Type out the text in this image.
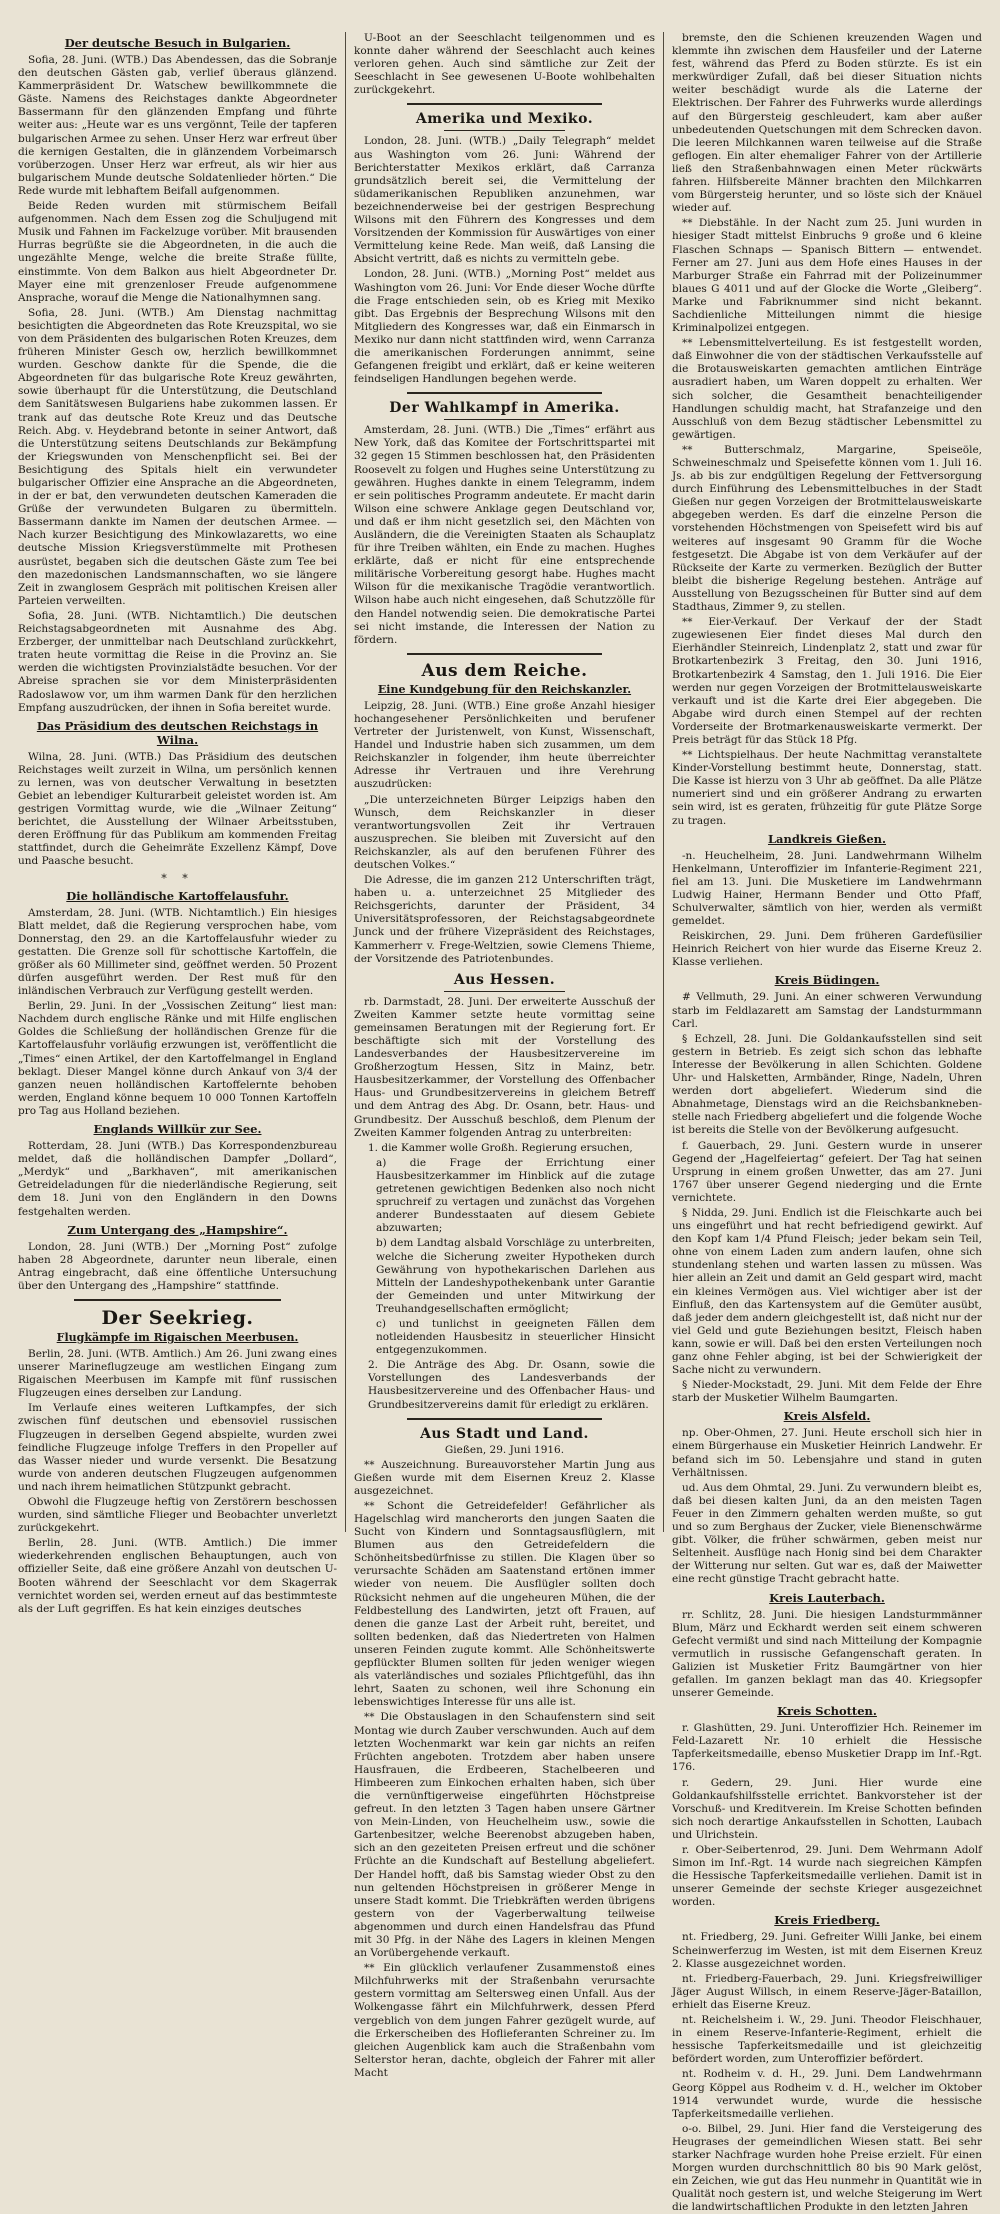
Der deutsche Besuch in Bulgarien.

Sofia, 28. Juni. (WTB.) Das Abendessen, das die Sobranje den deutschen Gästen gab, verlief überaus glänzend. Kammerpräsident Dr. Watschew bewillkommnete die Gäste. Namens des Reichstages dankte Abgeordneter Bassermann für den glänzenden Empfang und führte weiter aus: „Heute war es uns vergönnt, Teile der tapferen bulgarischen Armee zu sehen. Unser Herz war erfreut über die kernigen Gestalten, die in glänzendem Vorbeimarsch vorüberzogen. Unser Herz war erfreut, als wir hier aus bulgarischem Munde deutsche Soldatenlieder hörten.“ Die Rede wurde mit lebhaftem Beifall aufgenommen.

Beide Reden wurden mit stürmischem Beifall aufgenommen. Nach dem Essen zog die Schuljugend mit Musik und Fahnen im Fackelzuge vorüber. Mit brausenden Hurras begrüßte sie die Abgeordneten, in die auch die ungezählte Menge, welche die breite Straße füllte, einstimmte. Von dem Balkon aus hielt Abgeordneter Dr. Mayer eine mit grenzenloser Freude aufgenommene Ansprache, worauf die Menge die Nationalhymnen sang.

Sofia, 28. Juni. (WTB.) Am Dienstag nachmittag besichtigten die Abgeordneten das Rote Kreuzspital, wo sie von dem Präsidenten des bulgarischen Roten Kreuzes, dem früheren Minister Gesch ow, herzlich bewillkommnet wurden. Geschow dankte für die Spende, die die Abgeordneten für das bulgarische Rote Kreuz gewährten, sowie überhaupt für die Unterstützung, die Deutschland dem Sanitätswesen Bulgariens habe zukommen lassen. Er trank auf das deutsche Rote Kreuz und das Deutsche Reich. Abg. v. Heydebrand betonte in seiner Antwort, daß die Unterstützung seitens Deutschlands zur Bekämpfung der Kriegswunden von Menschenpflicht sei. Bei der Besichtigung des Spitals hielt ein verwundeter bulgarischer Offizier eine Ansprache an die Abgeordneten, in der er bat, den verwundeten deutschen Kameraden die Grüße der verwundeten Bulgaren zu übermitteln. Bassermann dankte im Namen der deutschen Armee. — Nach kurzer Besichtigung des Minkowlazaretts, wo eine deutsche Mission Kriegsverstümmelte mit Prothesen ausrüstet, begaben sich die deutschen Gäste zum Tee bei den mazedonischen Landsmannschaften, wo sie längere Zeit in zwanglosem Gespräch mit politischen Kreisen aller Parteien verweilten.

Sofia, 28. Juni. (WTB. Nichtamtlich.) Die deutschen Reichstagsabgeordneten mit Ausnahme des Abg. Erzberger, der unmittelbar nach Deutschland zurückkehrt, traten heute vormittag die Reise in die Provinz an. Sie werden die wichtigsten Provinzialstädte besuchen. Vor der Abreise sprachen sie vor dem Ministerpräsidenten Radoslawow vor, um ihm warmen Dank für den herzlichen Empfang auszudrücken, der ihnen in Sofia bereitet wurde.

Das Präsidium des deutschen Reichstags in Wilna.

Wilna, 28. Juni. (WTB.) Das Präsidium des deutschen Reichstages weilt zurzeit in Wilna, um persönlich kennen zu lernen, was von deutscher Verwaltung in besetzten Gebiet an lebendiger Kulturarbeit geleistet worden ist. Am gestrigen Vormittag wurde, wie die „Wilnaer Zeitung“ berichtet, die Ausstellung der Wilnaer Arbeitsstuben, deren Eröffnung für das Publikum am kommenden Freitag stattfindet, durch die Geheimräte Exzellenz Kämpf, Dove und Paasche besucht.

* *
Die holländische Kartoffelausfuhr.

Amsterdam, 28. Juni. (WTB. Nichtamtlich.) Ein hiesiges Blatt meldet, daß die Regierung versprochen habe, vom Donnerstag, den 29. an die Kartoffelausfuhr wieder zu gestatten. Die Grenze soll für schottische Kartoffeln, die größer als 60 Millimeter sind, geöffnet werden. 50 Prozent dürfen ausgeführt werden. Der Rest muß für den inländischen Verbrauch zur Verfügung gestellt werden.

Berlin, 29. Juni. In der „Vossischen Zeitung“ liest man: Nachdem durch englische Ränke und mit Hilfe englischen Goldes die Schließung der holländischen Grenze für die Kartoffelausfuhr vorläufig erzwungen ist, veröffentlicht die „Times“ einen Artikel, der den Kartoffelmangel in England beklagt. Dieser Mangel könne durch Ankauf von 3/4 der ganzen neuen holländischen Kartoffelernte behoben werden, England könne bequem 10 000 Tonnen Kartoffeln pro Tag aus Holland beziehen.

Englands Willkür zur See.

Rotterdam, 28. Juni (WTB.) Das Korrespondenzbureau meldet, daß die holländischen Dampfer „Dollard“, „Merdyk“ und „Barkhaven“, mit amerikanischen Getreideladungen für die niederländische Regierung, seit dem 18. Juni von den Engländern in den Downs festgehalten werden.

Zum Untergang des „Hampshire“.

London, 28. Juni (WTB.) Der „Morning Post“ zufolge haben 28 Abgeordnete, darunter neun liberale, einen Antrag eingebracht, daß eine öffentliche Untersuchung über den Untergang des „Hampshire“ stattfinde.

Der Seekrieg.
Flugkämpfe im Rigaischen Meerbusen.

Berlin, 28. Juni. (WTB. Amtlich.) Am 26. Juni zwang eines unserer Marineflugzeuge am westlichen Eingang zum Rigaischen Meerbusen im Kampfe mit fünf russischen Flugzeugen eines derselben zur Landung.

Im Verlaufe eines weiteren Luftkampfes, der sich zwischen fünf deutschen und ebensoviel russischen Flugzeugen in derselben Gegend abspielte, wurden zwei feindliche Flugzeuge infolge Treffers in den Propeller auf das Wasser nieder und wurde versenkt. Die Besatzung wurde von anderen deutschen Flugzeugen aufgenommen und nach ihrem heimatlichen Stützpunkt gebracht.

Obwohl die Flugzeuge heftig von Zerstörern beschossen wurden, sind sämtliche Flieger und Beobachter unverletzt zurückgekehrt.

Berlin, 28. Juni. (WTB. Amtlich.) Die immer wiederkehrenden englischen Behauptungen, auch von offizieller Seite, daß eine größere Anzahl von deutschen U-Booten während der Seeschlacht vor dem Skagerrak vernichtet worden sei, werden erneut auf das bestimmteste als der Luft gegriffen. Es hat kein einziges deutsches

U-Boot an der Seeschlacht teilgenommen und es konnte daher während der Seeschlacht auch keines verloren gehen. Auch sind sämtliche zur Zeit der Seeschlacht in See gewesenen U-Boote wohlbehalten zurückgekehrt.

Amerika und Mexiko.

London, 28. Juni. (WTB.) „Daily Telegraph“ meldet aus Washington vom 26. Juni: Während der Berichterstatter Mexikos erklärt, daß Carranza grundsätzlich bereit sei, die Vermittelung der südamerikanischen Republiken anzunehmen, war bezeichnenderweise bei der gestrigen Besprechung Wilsons mit den Führern des Kongresses und dem Vorsitzenden der Kommission für Auswärtiges von einer Vermittelung keine Rede. Man weiß, daß Lansing die Absicht vertritt, daß es nichts zu vermitteln gebe.

London, 28. Juni. (WTB.) „Morning Post“ meldet aus Washington vom 26. Juni: Vor Ende dieser Woche dürfte die Frage entschieden sein, ob es Krieg mit Mexiko gibt. Das Ergebnis der Besprechung Wilsons mit den Mitgliedern des Kongresses war, daß ein Einmarsch in Mexiko nur dann nicht stattfinden wird, wenn Carranza die amerikanischen Forderungen annimmt, seine Gefangenen freigibt und erklärt, daß er keine weiteren feindseligen Handlungen begehen werde.

Der Wahlkampf in Amerika.

Amsterdam, 28. Juni. (WTB.) Die „Times“ erfährt aus New York, daß das Komitee der Fortschrittspartei mit 32 gegen 15 Stimmen beschlossen hat, den Präsidenten Roosevelt zu folgen und Hughes seine Unterstützung zu gewähren. Hughes dankte in einem Telegramm, indem er sein politisches Programm andeutete. Er macht darin Wilson eine schwere Anklage gegen Deutschland vor, und daß er ihm nicht gesetzlich sei, den Mächten von Ausländern, die die Vereinigten Staaten als Schauplatz für ihre Treiben wählten, ein Ende zu machen. Hughes erklärte, daß er nicht für eine entsprechende militärische Vorbereitung gesorgt habe. Hughes macht Wilson für die mexikanische Tragödie verantwortlich. Wilson habe auch nicht eingesehen, daß Schutzzölle für den Handel notwendig seien. Die demokratische Partei sei nicht imstande, die Interessen der Nation zu fördern.

Aus dem Reiche.
Eine Kundgebung für den Reichskanzler.

Leipzig, 28. Juni. (WTB.) Eine große Anzahl hiesiger hochangesehener Persönlichkeiten und berufener Vertreter der Juristenwelt, von Kunst, Wissenschaft, Handel und Industrie haben sich zusammen, um dem Reichskanzler in folgender, ihm heute überreichter Adresse ihr Vertrauen und ihre Verehrung auszudrücken:

„Die unterzeichneten Bürger Leipzigs haben den Wunsch, dem Reichskanzler in dieser verantwortungsvollen Zeit ihr Vertrauen auszusprechen. Sie bleiben mit Zuversicht auf den Reichskanzler, als auf den berufenen Führer des deutschen Volkes.“

Die Adresse, die im ganzen 212 Unterschriften trägt, haben u. a. unterzeichnet 25 Mitglieder des Reichsgerichts, darunter der Präsident, 34 Universitätsprofessoren, der Reichstagsabgeordnete Junck und der frühere Vizepräsident des Reichstages, Kammerherr v. Frege-Weltzien, sowie Clemens Thieme, der Vorsitzende des Patriotenbundes.

Aus Hessen.

rb. Darmstadt, 28. Juni. Der erweiterte Ausschuß der Zweiten Kammer setzte heute vormittag seine gemeinsamen Beratungen mit der Regierung fort. Er beschäftigte sich mit der Vorstellung des Landesverbandes der Hausbesitzervereine im Großherzogtum Hessen, Sitz in Mainz, betr. Hausbesitzerkammer, der Vorstellung des Offenbacher Haus- und Grundbesitzervereins in gleichem Betreff und dem Antrag des Abg. Dr. Osann, betr. Haus- und Grundbesitz. Der Ausschuß beschloß, dem Plenum der Zweiten Kammer folgenden Antrag zu unterbreiten:

1. die Kammer wolle Großh. Regierung ersuchen,

a) die Frage der Errichtung einer Hausbesitzerkammer im Hinblick auf die zutage getretenen gewichtigen Bedenken also noch nicht spruchreif zu vertagen und zunächst das Vorgehen anderer Bundesstaaten auf diesem Gebiete abzuwarten;

b) dem Landtag alsbald Vorschläge zu unterbreiten, welche die Sicherung zweiter Hypotheken durch Gewährung von hypothekarischen Darlehen aus Mitteln der Landeshypothekenbank unter Garantie der Gemeinden und unter Mitwirkung der Treuhandgesellschaften ermöglicht;

c) und tunlichst in geeigneten Fällen dem notleidenden Hausbesitz in steuerlicher Hinsicht entgegenzukommen.

2. Die Anträge des Abg. Dr. Osann, sowie die Vorstellungen des Landesverbands der Hausbesitzervereine und des Offenbacher Haus- und Grundbesitzervereins damit für erledigt zu erklären.

Aus Stadt und Land.
Gießen, 29. Juni 1916.

** Auszeichnung. Bureauvorsteher Martin Jung aus Gießen wurde mit dem Eisernen Kreuz 2. Klasse ausgezeichnet.

** Schont die Getreidefelder! Gefährlicher als Hagelschlag wird mancherorts den jungen Saaten die Sucht von Kindern und Sonntagsausflüglern, mit Blumen aus den Getreidefeldern die Schönheitsbedürfnisse zu stillen. Die Klagen über so verursachte Schäden am Saatenstand ertönen immer wieder von neuem. Die Ausflügler sollten doch Rücksicht nehmen auf die ungeheuren Mühen, die der Feldbestellung des Landwirten, jetzt oft Frauen, auf denen die ganze Last der Arbeit ruht, bereitet, und sollten bedenken, daß das Niedertreten von Halmen unseren Feinden zugute kommt. Alle Schönheitswerte gepflückter Blumen sollten für jeden weniger wiegen als vaterländisches und soziales Pflichtgefühl, das ihn lehrt, Saaten zu schonen, weil ihre Schonung ein lebenswichtiges Interesse für uns alle ist.

** Die Obstauslagen in den Schaufenstern sind seit Montag wie durch Zauber verschwunden. Auch auf dem letzten Wochenmarkt war kein gar nichts an reifen Früchten angeboten. Trotzdem aber haben unsere Hausfrauen, die Erdbeeren, Stachelbeeren und Himbeeren zum Einkochen erhalten haben, sich über die vernünftigerweise eingeführten Höchstpreise gefreut. In den letzten 3 Tagen haben unsere Gärtner von Mein-Linden, von Heuchelheim usw., sowie die Gartenbesitzer, welche Beerenobst abzugeben haben, sich an den gezeiteten Preisen erfreut und die schöner Früchte an die Kundschaft auf Bestellung abgeliefert. Der Handel hofft, daß bis Samstag wieder Obst zu den nun geltenden Höchstpreisen in größerer Menge in unsere Stadt kommt. Die Triebkräften werden übrigens gestern von der Vagerberwaltung teilweise abgenommen und durch einen Handelsfrau das Pfund mit 30 Pfg. in der Nähe des Lagers in kleinen Mengen an Vorübergehende verkauft.

** Ein glücklich verlaufener Zusammenstoß eines Milchfuhrwerks mit der Straßenbahn verursachte gestern vormittag am Seltersweg einen Unfall. Aus der Wolkengasse fährt ein Milchfuhrwerk, dessen Pferd vergeblich von dem jungen Fahrer gezügelt wurde, auf die Erkerscheiben des Hoflieferanten Schreiner zu. Im gleichen Augenblick kam auch die Straßenbahn vom Selterstor heran, dachte, obgleich der Fahrer mit aller Macht

bremste, den die Schienen kreuzenden Wagen und klemmte ihn zwischen dem Hausfeiler und der Laterne fest, während das Pferd zu Boden stürzte. Es ist ein merkwürdiger Zufall, daß bei dieser Situation nichts weiter beschädigt wurde als die Laterne der Elektrischen. Der Fahrer des Fuhrwerks wurde allerdings auf den Bürgersteig geschleudert, kam aber außer unbedeutenden Quetschungen mit dem Schrecken davon. Die leeren Milchkannen waren teilweise auf die Straße geflogen. Ein alter ehemaliger Fahrer von der Artillerie ließ den Straßenbahnwagen einen Meter rückwärts fahren. Hilfsbereite Männer brachten den Milchkarren vom Bürgersteig herunter, und so löste sich der Knäuel wieder auf.

** Diebstähle. In der Nacht zum 25. Juni wurden in hiesiger Stadt mittelst Einbruchs 9 große und 6 kleine Flaschen Schnaps — Spanisch Bittern — entwendet. Ferner am 27. Juni aus dem Hofe eines Hauses in der Marburger Straße ein Fahrrad mit der Polizeinummer blaues G 4011 und auf der Glocke die Worte „Gleiberg“. Marke und Fabriknummer sind nicht bekannt. Sachdienliche Mitteilungen nimmt die hiesige Kriminalpolizei entgegen.

** Lebensmittelverteilung. Es ist festgestellt worden, daß Einwohner die von der städtischen Verkaufsstelle auf die Brotausweiskarten gemachten amtlichen Einträge ausradiert haben, um Waren doppelt zu erhalten. Wer sich solcher, die Gesamtheit benachteiligender Handlungen schuldig macht, hat Strafanzeige und den Ausschluß von dem Bezug städtischer Lebensmittel zu gewärtigen.

** Butterschmalz, Margarine, Speiseöle, Schweineschmalz und Speisefette können vom 1. Juli 16. Js. ab bis zur endgültigen Regelung der Fettversorgung durch Einführung des Lebensmittelbuches in der Stadt Gießen nur gegen Vorzeigen der Brotmittelausweiskarte abgegeben werden. Es darf die einzelne Person die vorstehenden Höchstmengen von Speisefett wird bis auf weiteres auf insgesamt 90 Gramm für die Woche festgesetzt. Die Abgabe ist von dem Verkäufer auf der Rückseite der Karte zu vermerken. Bezüglich der Butter bleibt die bisherige Regelung bestehen. Anträge auf Ausstellung von Bezugsscheinen für Butter sind auf dem Stadthaus, Zimmer 9, zu stellen.

** Eier-Verkauf. Der Verkauf der der Stadt zugewiesenen Eier findet dieses Mal durch den Eierhändler Steinreich, Lindenplatz 2, statt und zwar für Brotkartenbezirk 3 Freitag, den 30. Juni 1916, Brotkartenbezirk 4 Samstag, den 1. Juli 1916. Die Eier werden nur gegen Vorzeigen der Brotmittelausweiskarte verkauft und ist die Karte drei Eier abgegeben. Die Abgabe wird durch einen Stempel auf der rechten Vorderseite der Brotmarkenausweiskarte vermerkt. Der Preis beträgt für das Stück 18 Pfg.

** Lichtspielhaus. Der heute Nachmittag veranstaltete Kinder-Vorstellung bestimmt heute, Donnerstag, statt. Die Kasse ist hierzu von 3 Uhr ab geöffnet. Da alle Plätze numeriert sind und ein größerer Andrang zu erwarten sein wird, ist es geraten, frühzeitig für gute Plätze Sorge zu tragen.

Landkreis Gießen.

-n. Heuchelheim, 28. Juni. Landwehrmann Wilhelm Henkelmann, Unteroffizier im Infanterie-Regiment 221, fiel am 13. Juni. Die Musketiere im Landwehrmann Ludwig Hainer, Hermann Bender und Otto Pfaff, Schulverwalter, sämtlich von hier, werden als vermißt gemeldet.

Reiskirchen, 29. Juni. Dem früheren Gardefüsilier Heinrich Reichert von hier wurde das Eiserne Kreuz 2. Klasse verliehen.

Kreis Büdingen.

# Vellmuth, 29. Juni. An einer schweren Verwundung starb im Feldlazarett am Samstag der Landsturmmann Carl.

§ Echzell, 28. Juni. Die Goldankaufsstellen sind seit gestern in Betrieb. Es zeigt sich schon das lebhafte Interesse der Bevölkerung in allen Schichten. Goldene Uhr- und Halsketten, Armbänder, Ringe, Nadeln, Uhren werden dort abgeliefert. Wiederum sind die Abnahmetage, Dienstags wird an die Reichsbankneben-stelle nach Friedberg abgeliefert und die folgende Woche ist bereits die Stelle von der Bevölkerung aufgesucht.

f. Gauerbach, 29. Juni. Gestern wurde in unserer Gegend der „Hagelfeiertag“ gefeiert. Der Tag hat seinen Ursprung in einem großen Unwetter, das am 27. Juni 1767 über unserer Gegend niederging und die Ernte vernichtete.

§ Nidda, 29. Juni. Endlich ist die Fleischkarte auch bei uns eingeführt und hat recht befriedigend gewirkt. Auf den Kopf kam 1/4 Pfund Fleisch; jeder bekam sein Teil, ohne von einem Laden zum andern laufen, ohne sich stundenlang stehen und warten lassen zu müssen. Was hier allein an Zeit und damit an Geld gespart wird, macht ein kleines Vermögen aus. Viel wichtiger aber ist der Einfluß, den das Kartensystem auf die Gemüter ausübt, daß jeder dem andern gleichgestellt ist, daß nicht nur der viel Geld und gute Beziehungen besitzt, Fleisch haben kann, sowie er will. Daß bei den ersten Verteilungen noch ganz ohne Fehler abging, ist bei der Schwierigkeit der Sache nicht zu verwundern.

§ Nieder-Mockstadt, 29. Juni. Mit dem Felde der Ehre starb der Musketier Wilhelm Baumgarten.

Kreis Alsfeld.

np. Ober-Ohmen, 27. Juni. Heute erscholl sich hier in einem Bürgerhause ein Musketier Heinrich Landwehr. Er befand sich im 50. Lebensjahre und stand in guten Verhältnissen.

ud. Aus dem Ohmtal, 29. Juni. Zu verwundern bleibt es, daß bei diesen kalten Juni, da an den meisten Tagen Feuer in den Zimmern gehalten werden mußte, so gut und so zum Berghaus der Zucker, viele Bienenschwärme gibt. Völker, die früher schwärmen, geben meist nur Seltenheit. Ausflüge nach Honig sind bei dem Charakter der Witterung nur selten. Gut war es, daß der Maiwetter eine recht günstige Tracht gebracht hatte.

Kreis Lauterbach.

rr. Schlitz, 28. Juni. Die hiesigen Landsturmmänner Blum, März und Eckhardt werden seit einem schweren Gefecht vermißt und sind nach Mitteilung der Kompagnie vermutlich in russische Gefangenschaft geraten. In Galizien ist Musketier Fritz Baumgärtner von hier gefallen. Im ganzen beklagt man das 40. Kriegsopfer unserer Gemeinde.

Kreis Schotten.

r. Glashütten, 29. Juni. Unteroffizier Hch. Reinemer im Feld-Lazarett Nr. 10 erhielt die Hessische Tapferkeitsmedaille, ebenso Musketier Drapp im Inf.-Rgt. 176.

r. Gedern, 29. Juni. Hier wurde eine Goldankaufshilfsstelle errichtet. Bankvorsteher ist der Vorschuß- und Kreditverein. Im Kreise Schotten befinden sich noch derartige Ankaufsstellen in Schotten, Laubach und Ulrichstein.

r. Ober-Seibertenrod, 29. Juni. Dem Wehrmann Adolf Simon im Inf.-Rgt. 14 wurde nach siegreichen Kämpfen die Hessische Tapferkeitsmedaille verliehen. Damit ist in unserer Gemeinde der sechste Krieger ausgezeichnet worden.

Kreis Friedberg.

nt. Friedberg, 29. Juni. Gefreiter Willi Janke, bei einem Scheinwerferzug im Westen, ist mit dem Eisernen Kreuz 2. Klasse ausgezeichnet worden.

nt. Friedberg-Fauerbach, 29. Juni. Kriegsfreiwilliger Jäger August Willsch, in einem Reserve-Jäger-Bataillon, erhielt das Eiserne Kreuz.

nt. Reichelsheim i. W., 29. Juni. Theodor Fleischhauer, in einem Reserve-Infanterie-Regiment, erhielt die hessische Tapferkeitsmedaille und ist gleichzeitig befördert worden, zum Unteroffizier befördert.

nt. Rodheim v. d. H., 29. Juni. Dem Landwehrmann Georg Köppel aus Rodheim v. d. H., welcher im Oktober 1914 verwundet wurde, wurde die hessische Tapferkeitsmedaille verliehen.

o-o. Bilbel, 29. Juni. Hier fand die Versteigerung des Heugrases der gemeindlichen Wiesen statt. Bei sehr starker Nachfrage wurden hohe Preise erzielt. Für einen Morgen wurden durchschnittlich 80 bis 90 Mark gelöst, ein Zeichen, wie gut das Heu nunmehr in Quantität wie in Qualität noch gestern ist, und welche Steigerung im Wert die landwirtschaftlichen Produkte in den letzten Jahren
